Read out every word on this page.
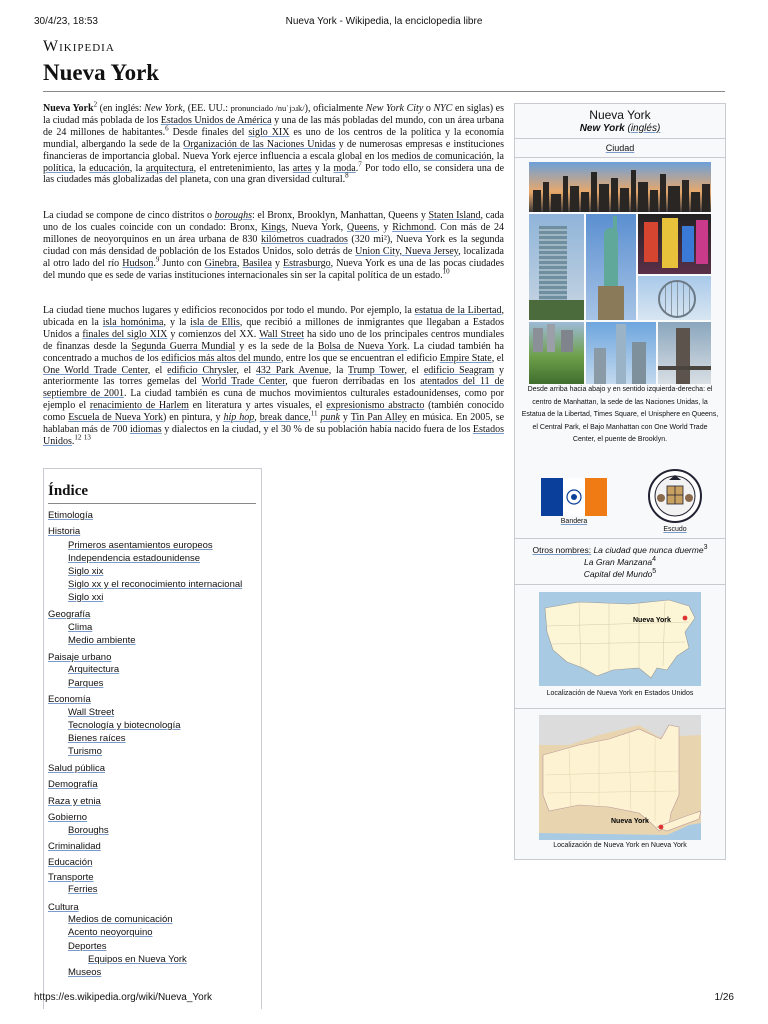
30/4/23, 18:53	Nueva York - Wikipedia, la enciclopedia libre
Wikipedia
Nueva York

Nueva York$^2$ (en inglés: New York, (EE. UU.: pronunciado /nuˈjɔɹk/), oficialmente New York City o NYC en siglas) es la ciudad más poblada de los Estados Unidos de América y una de las más pobladas del mundo, con un área urbana de 24 millones de habitantes.$^6$ Desde finales del siglo XIX es uno de los centros de la política y la economía mundial, albergando la sede de la Organización de las Naciones Unidas y de numerosas empresas e instituciones financieras de importancia global. Nueva York ejerce influencia a escala global en los medios de comunicación, la política, la educación, la arquitectura, el entretenimiento, las artes y la moda.$^7$ Por todo ello, se considera una de las ciudades más globalizadas del planeta, con una gran diversidad cultural.$^8$

La ciudad se compone de cinco distritos o boroughs: el Bronx, Brooklyn, Manhattan, Queens y Staten Island, cada uno de los cuales coincide con un condado: Bronx, Kings, Nueva York, Queens, y Richmond. Con más de 24 millones de neoyorquinos en un área urbana de 830 kilómetros cuadrados (320 mi²), Nueva York es la segunda ciudad con más densidad de población de los Estados Unidos, solo detrás de Union City, Nueva Jersey, localizada al otro lado del río Hudson.$^9$ Junto con Ginebra, Basilea y Estrasburgo, Nueva York es una de las pocas ciudades del mundo que es sede de varias instituciones internacionales sin ser la capital política de un estado.$^{10}$

La ciudad tiene muchos lugares y edificios reconocidos por todo el mundo. Por ejemplo, la estatua de la Libertad, ubicada en la isla homónima, y la isla de Ellis, que recibió a millones de inmigrantes que llegaban a Estados Unidos a finales del siglo XIX y comienzos del XX. Wall Street ha sido uno de los principales centros mundiales de finanzas desde la Segunda Guerra Mundial y es la sede de la Bolsa de Nueva York. La ciudad también ha concentrado a muchos de los edificios más altos del mundo, entre los que se encuentran el edificio Empire State, el One World Trade Center, el edificio Chrysler, el 432 Park Avenue, la Trump Tower, el edificio Seagram y anteriormente las torres gemelas del World Trade Center, que fueron derribadas en los atentados del 11 de septiembre de 2001. La ciudad también es cuna de muchos movimientos culturales estadounidenses, como por ejemplo el renacimiento de Harlem en literatura y artes visuales, el expresionismo abstracto (también conocido como Escuela de Nueva York) en pintura, y hip hop, break dance,$^{11}$ punk y Tin Pan Alley en música. En 2005, se hablaban más de 700 idiomas y dialectos en la ciudad, y el 30 % de su población había nacido fuera de los Estados Unidos.$^{12}$ $^{13}$

Nueva York
New York (inglés)
Ciudad
Desde arriba hacia abajo y en sentido izquierda-derecha: el centro de Manhattan, la sede de las Naciones Unidas, la Estatua de la Libertad, Times Square, el Unisphere en Queens, el Central Park, el Bajo Manhattan con One World Trade Center, el puente de Brooklyn.
Bandera
Escudo
Otros nombres: La ciudad que nunca duerme$^3$
La Gran Manzana$^4$
Capital del Mundo$^5$
Nueva York
Localización de Nueva York en Estados Unidos
Nueva York
Localización de Nueva York en Nueva York
Índice
Etimología
Historia
Primeros asentamientos europeos
Independencia estadounidense
Siglo xix
Siglo xx y el reconocimiento internacional
Siglo xxi
Geografía
Clima
Medio ambiente
Paisaje urbano
Arquitectura
Parques
Economía
Wall Street
Tecnología y biotecnología
Bienes raíces
Turismo
Salud pública
Demografía
Raza y etnia
Gobierno
Boroughs
Criminalidad
Educación
Transporte
Ferries
Cultura
Medios de comunicación
Acento neoyorquino
Deportes
Equipos en Nueva York
Museos
https://es.wikipedia.org/wiki/Nueva_York	1/26
